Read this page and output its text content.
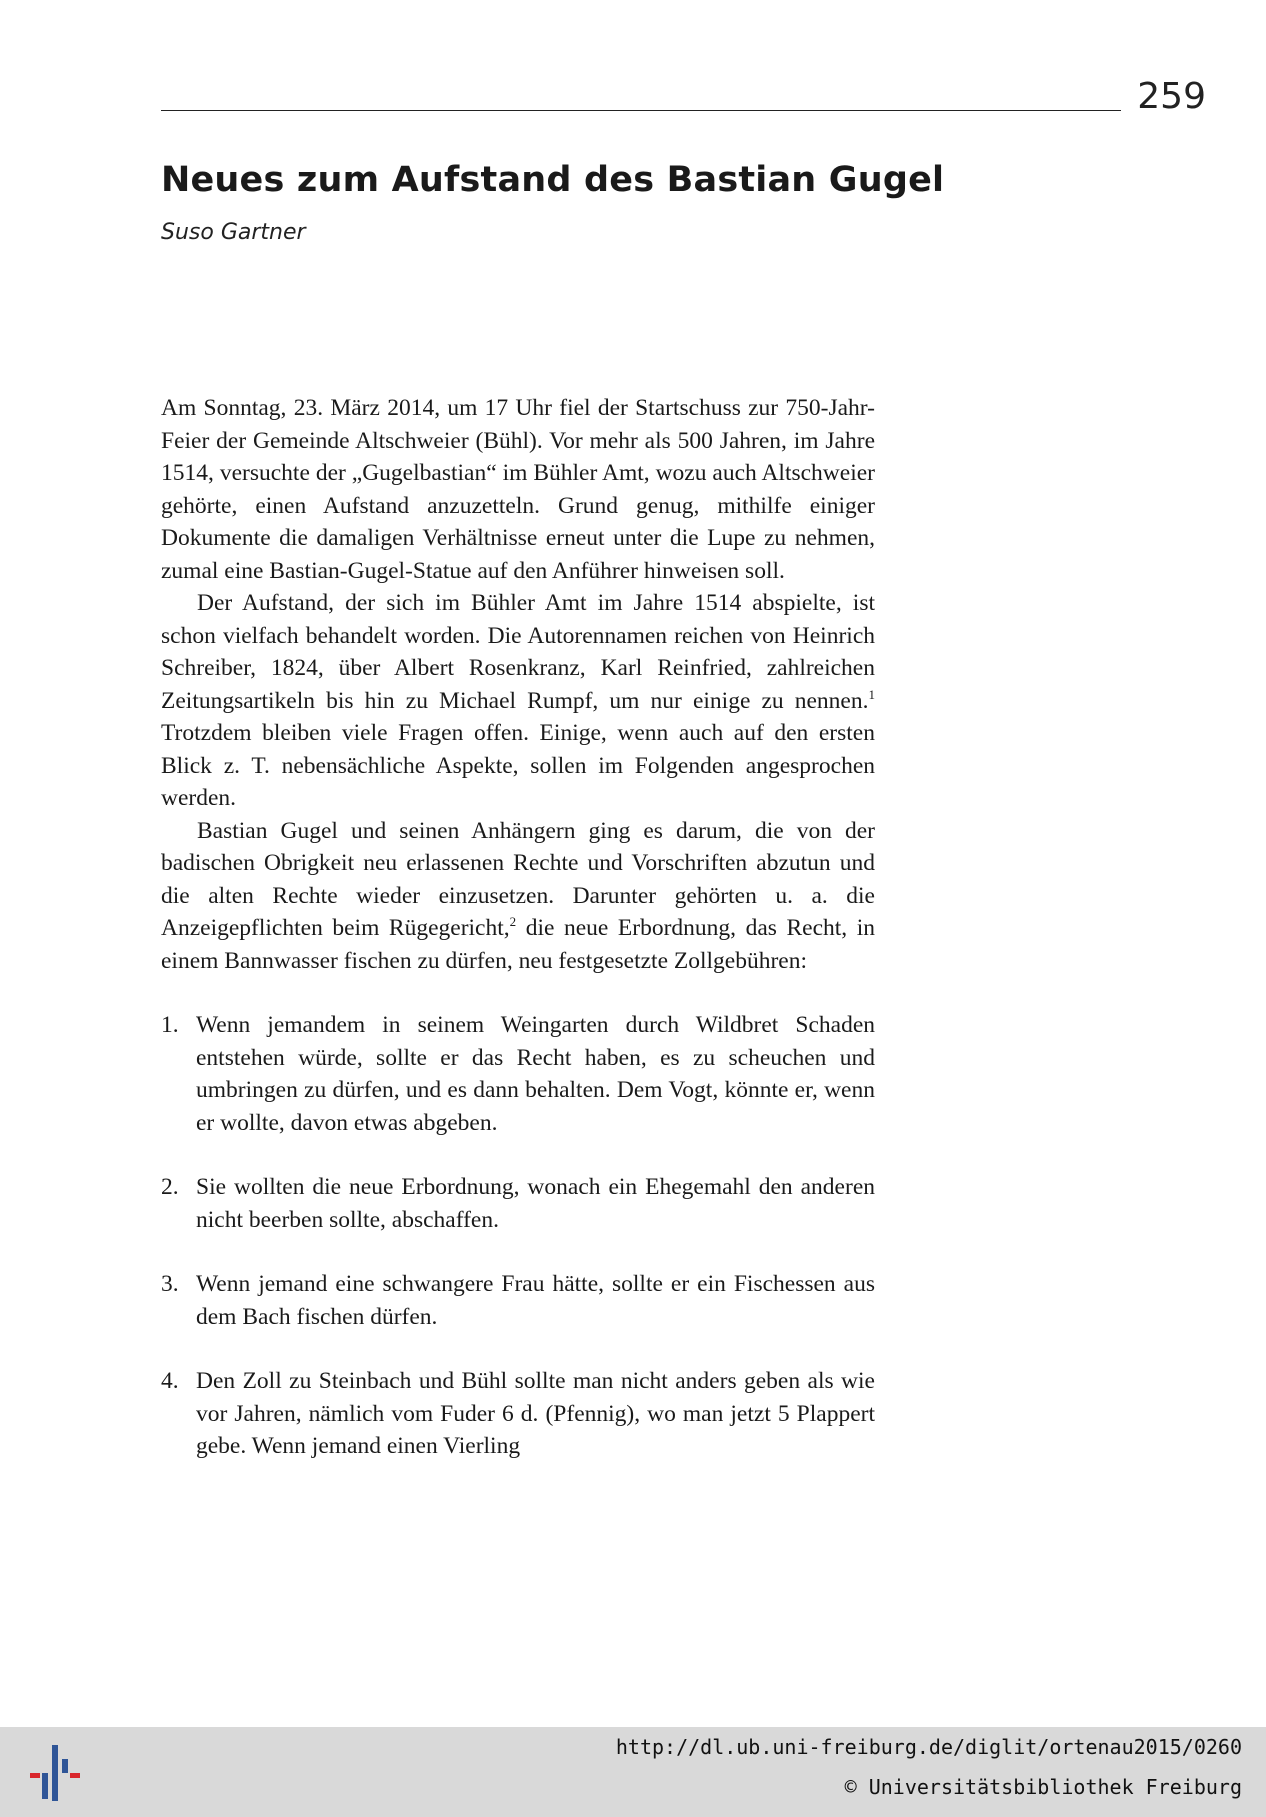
259
Neues zum Aufstand des Bastian Gugel
Suso Gartner

Am Sonntag, 23. März 2014, um 17 Uhr fiel der Startschuss zur 750-Jahr-Feier der Gemeinde Altschweier (Bühl). Vor mehr als 500 Jahren, im Jahre 1514, versuchte der „Gugelbastian“ im Bühler Amt, wozu auch Altschweier gehörte, einen Aufstand anzuzetteln. Grund genug, mithilfe einiger Dokumente die damaligen Verhältnisse erneut unter die Lupe zu nehmen, zumal eine Bastian-Gugel-Statue auf den Anführer hinweisen soll.

Der Aufstand, der sich im Bühler Amt im Jahre 1514 abspielte, ist schon vielfach behandelt worden. Die Autorennamen reichen von Heinrich Schreiber, 1824, über Albert Rosenkranz, Karl Reinfried, zahlreichen Zeitungsartikeln bis hin zu Michael Rumpf, um nur einige zu nennen.$^1$ Trotzdem bleiben viele Fragen offen. Einige, wenn auch auf den ersten Blick z. T. nebensächliche Aspekte, sollen im Folgenden angesprochen werden.

Bastian Gugel und seinen Anhängern ging es darum, die von der badischen Obrigkeit neu erlassenen Rechte und Vorschriften abzutun und die alten Rechte wieder einzusetzen. Darunter gehörten u. a. die Anzeigepflichten beim Rügegericht,$^2$ die neue Erbordnung, das Recht, in einem Bannwasser fischen zu dürfen, neu festgesetzte Zollgebühren:

1. Wenn jemandem in seinem Weingarten durch Wildbret Schaden entstehen würde, sollte er das Recht haben, es zu scheuchen und umbringen zu dürfen, und es dann behalten. Dem Vogt, könnte er, wenn er wollte, davon etwas abgeben.
2. Sie wollten die neue Erbordnung, wonach ein Ehegemahl den anderen nicht beerben sollte, abschaffen.
3. Wenn jemand eine schwangere Frau hätte, sollte er ein Fischessen aus dem Bach fischen dürfen.
4. Den Zoll zu Steinbach und Bühl sollte man nicht anders geben als wie vor Jahren, nämlich vom Fuder 6 d. (Pfennig), wo man jetzt 5 Plappert gebe. Wenn jemand einen Vierling
http://dl.ub.uni-freiburg.de/diglit/ortenau2015/0260
© Universitätsbibliothek Freiburg
